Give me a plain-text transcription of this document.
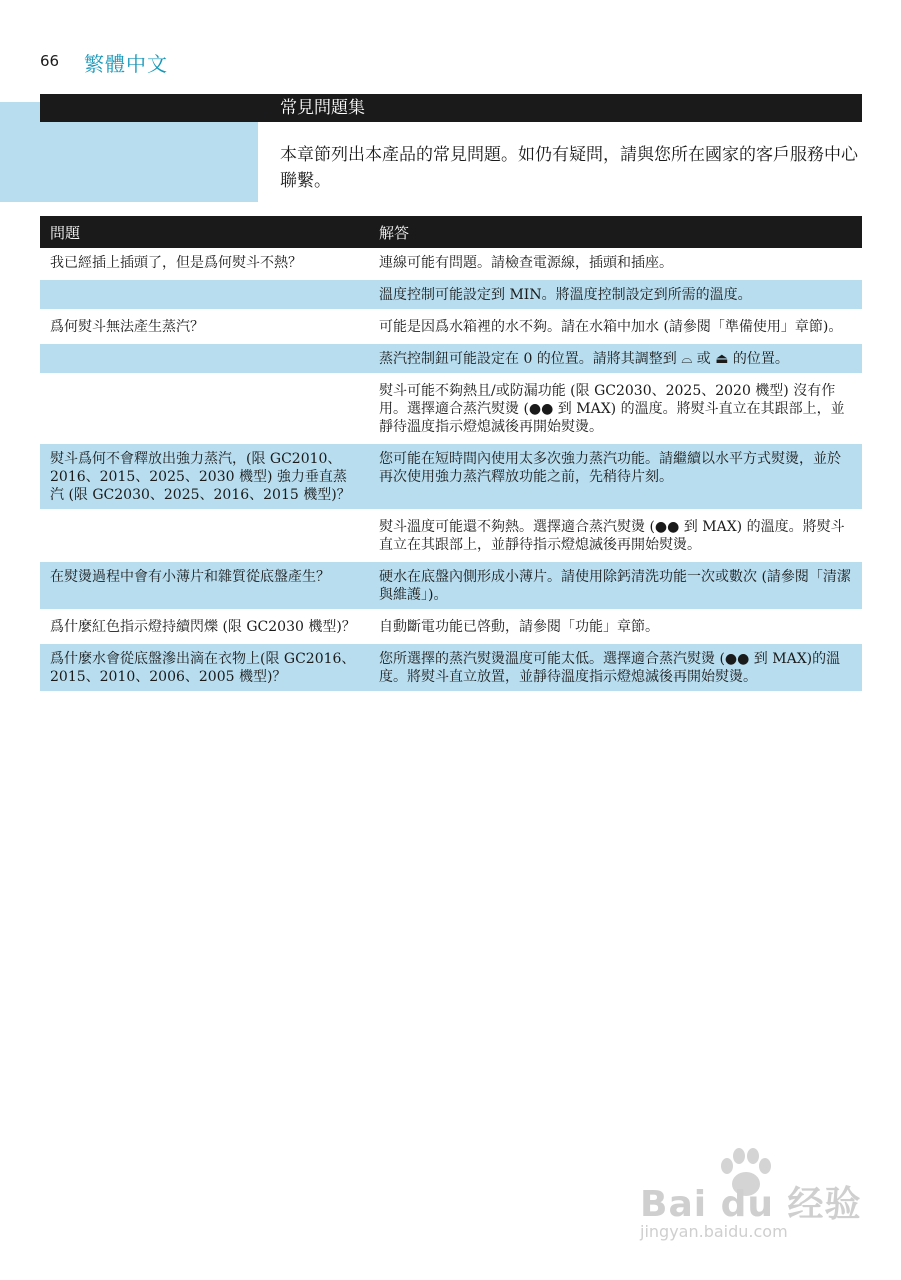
66 繁體中文
常見問題集
本章節列出本產品的常見問題。如仍有疑問，請與您所在國家的客戶服務中心聯繫。
問題	解答
我已經插上插頭了，但是爲何熨斗不熱？	連線可能有問題。請檢查電源線，插頭和插座。
	溫度控制可能設定到 MIN。將溫度控制設定到所需的溫度。
爲何熨斗無法產生蒸汽？	可能是因爲水箱裡的水不夠。請在水箱中加水 (請參閱「準備使用」章節)。
	蒸汽控制鈕可能設定在 0 的位置。請將其調整到 ⌓ 或 ⏏ 的位置。
	熨斗可能不夠熱且/或防漏功能 (限 GC2030、2025、2020 機型) 沒有作用。選擇適合蒸汽熨燙 (●● 到 MAX) 的溫度。將熨斗直立在其跟部上，並靜待溫度指示燈熄滅後再開始熨燙。
熨斗爲何不會釋放出強力蒸汽，(限 GC2010、2016、2015、2025、2030 機型) 強力垂直蒸汽 (限 GC2030、2025、2016、2015 機型)？	您可能在短時間內使用太多次強力蒸汽功能。請繼續以水平方式熨燙，並於再次使用強力蒸汽釋放功能之前，先稍待片刻。
	熨斗溫度可能還不夠熱。選擇適合蒸汽熨燙 (●● 到 MAX) 的溫度。將熨斗直立在其跟部上，並靜待指示燈熄滅後再開始熨燙。
在熨燙過程中會有小薄片和雜質從底盤產生？	硬水在底盤內側形成小薄片。請使用除鈣清洗功能一次或數次 (請參閱「清潔與維護」)。
爲什麼紅色指示燈持續閃爍 (限 GC2030 機型)？	自動斷電功能已啓動，請參閱「功能」章節。
爲什麼水會從底盤滲出滴在衣物上(限 GC2016、2015、2010、2006、2005 機型)？	您所選擇的蒸汽熨燙溫度可能太低。選擇適合蒸汽熨燙 (●● 到 MAX)的溫度。將熨斗直立放置，並靜待溫度指示燈熄滅後再開始熨燙。
Bai du 经验
jingyan.baidu.com
